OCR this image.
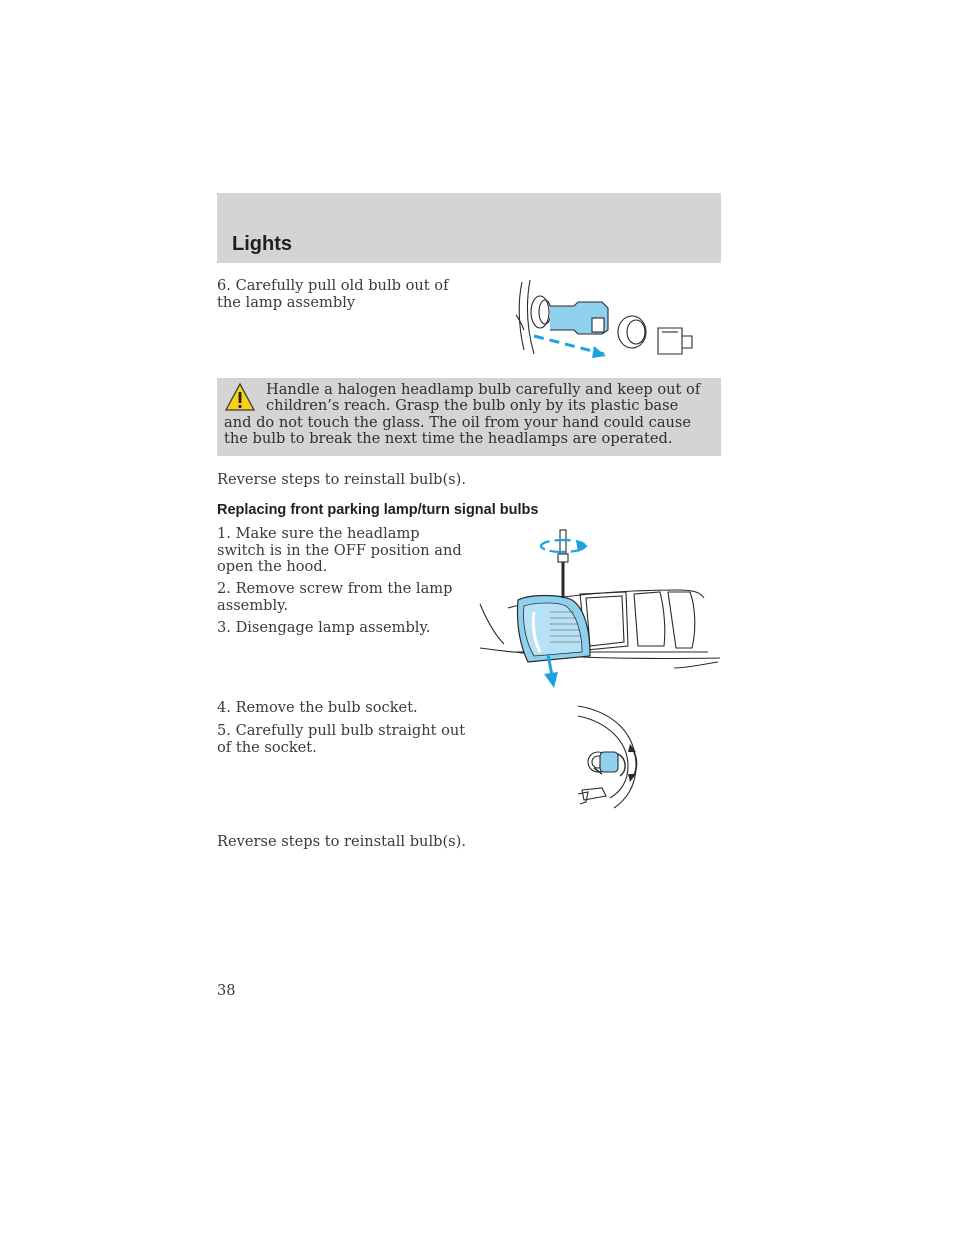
Lights
6. Carefully pull old bulb out of the lamp assembly
Handle a halogen headlamp bulb carefully and keep out of children’s reach. Grasp the bulb only by its plastic base and do not touch the glass. The oil from your hand could cause the bulb to break the next time the headlamps are operated.
Reverse steps to reinstall bulb(s).
Replacing front parking lamp/turn signal bulbs
1. Make sure the headlamp switch is in the OFF position and open the hood.
2. Remove screw from the lamp assembly.
3. Disengage lamp assembly.
4. Remove the bulb socket.
5. Carefully pull bulb straight out of the socket.
Reverse steps to reinstall bulb(s).
38
